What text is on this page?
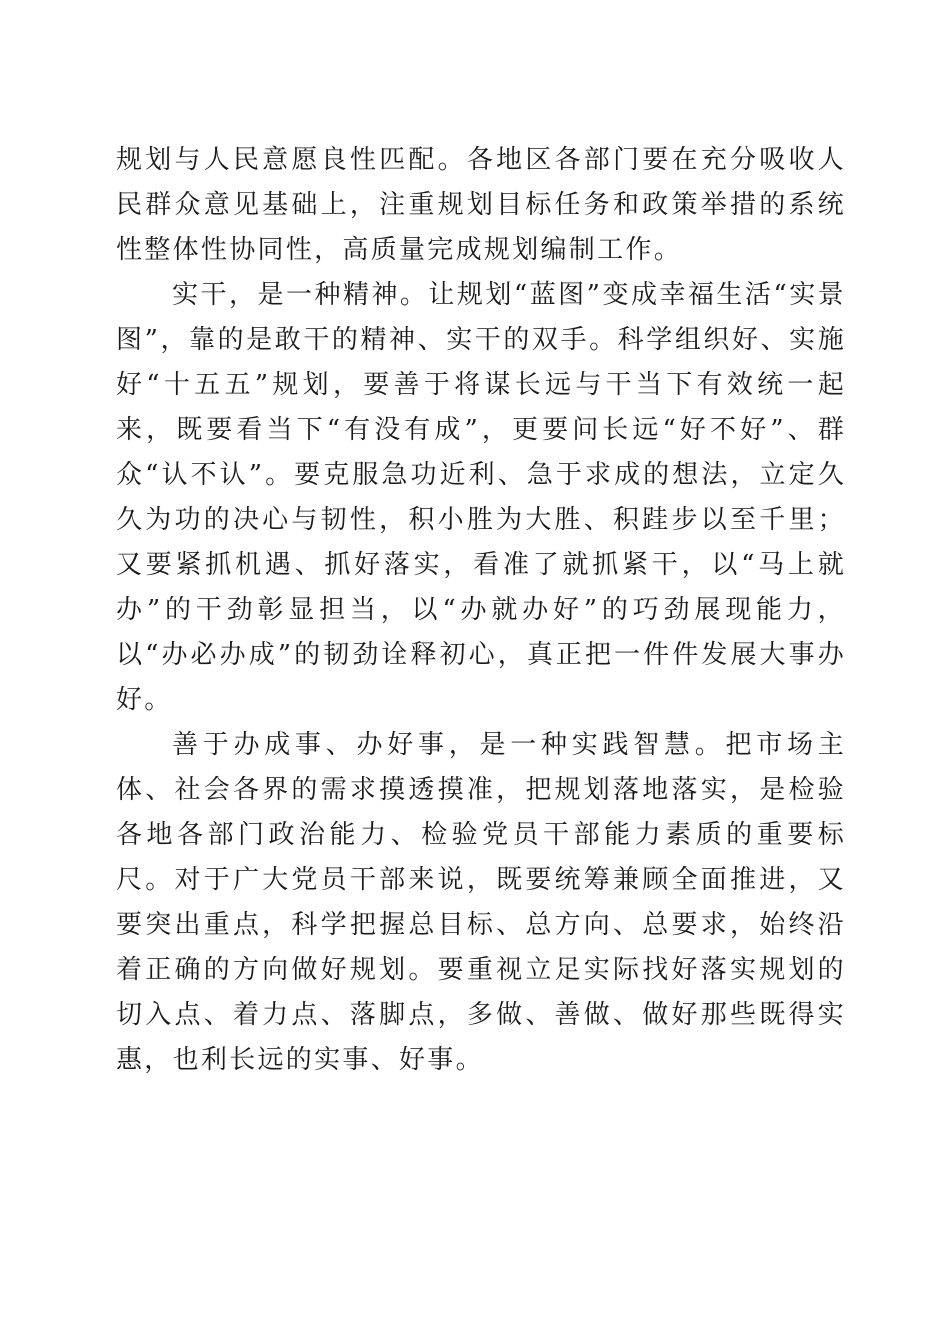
规划与人民意愿良性匹配。各地区各部门要在充分吸收人民群众意见基础上，注重规划目标任务和政策举措的系统性整体性协同性，高质量完成规划编制工作。

实干，是一种精神。让规划“蓝图”变成幸福生活“实景图”，靠的是敢干的精神、实干的双手。科学组织好、实施好“十五五”规划，要善于将谋长远与干当下有效统一起来，既要看当下“有没有成”，更要问长远“好不好”、群众“认不认”。要克服急功近利、急于求成的想法，立定久久为功的决心与韧性，积小胜为大胜、积跬步以至千里；又要紧抓机遇、抓好落实，看准了就抓紧干，以“马上就办”的干劲彰显担当，以“办就办好”的巧劲展现能力，以“办必办成”的韧劲诠释初心，真正把一件件发展大事办好。

善于办成事、办好事，是一种实践智慧。把市场主体、社会各界的需求摸透摸准，把规划落地落实，是检验各地各部门政治能力、检验党员干部能力素质的重要标尺。对于广大党员干部来说，既要统筹兼顾全面推进，又要突出重点，科学把握总目标、总方向、总要求，始终沿着正确的方向做好规划。要重视立足实际找好落实规划的切入点、着力点、落脚点，多做、善做、做好那些既得实惠，也利长远的实事、好事。
